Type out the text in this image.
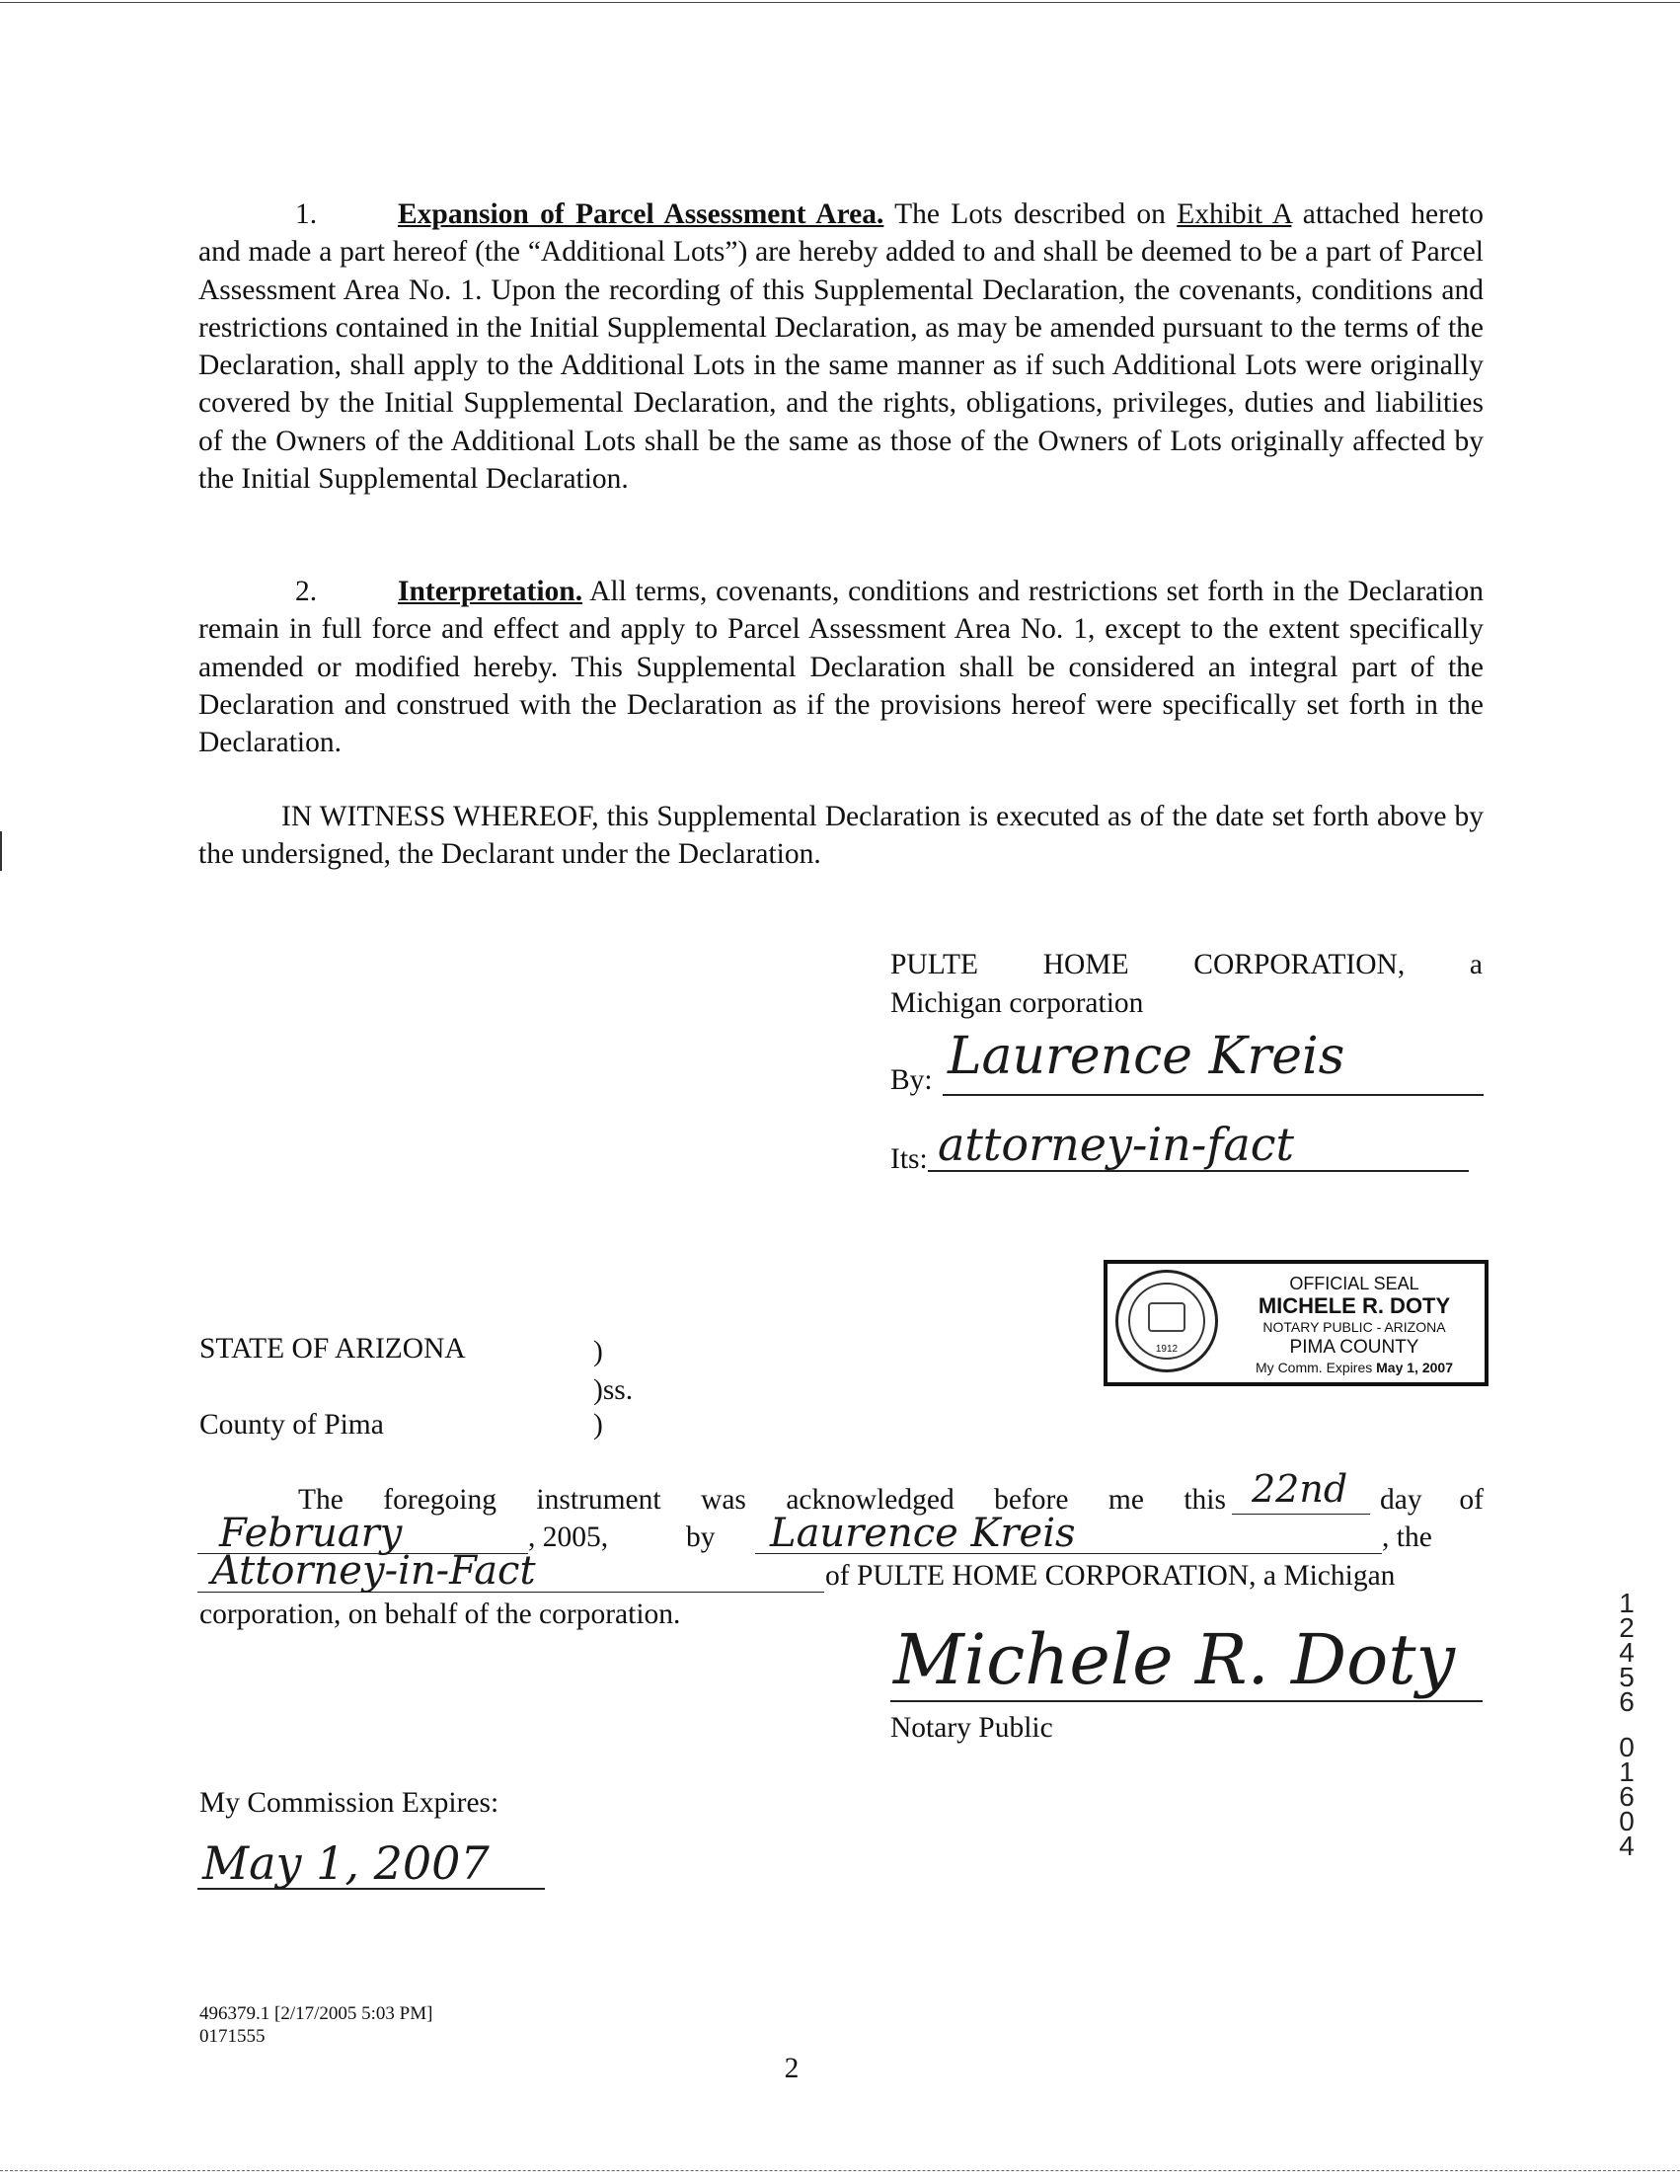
1.	Expansion of Parcel Assessment Area. The Lots described on Exhibit A attached hereto and made a part hereof (the “Additional Lots”) are hereby added to and shall be deemed to be a part of Parcel Assessment Area No. 1. Upon the recording of this Supplemental Declaration, the covenants, conditions and restrictions contained in the Initial Supplemental Declaration, as may be amended pursuant to the terms of the Declaration, shall apply to the Additional Lots in the same manner as if such Additional Lots were originally covered by the Initial Supplemental Declaration, and the rights, obligations, privileges, duties and liabilities of the Owners of the Additional Lots shall be the same as those of the Owners of Lots originally affected by the Initial Supplemental Declaration.
2.	Interpretation. All terms, covenants, conditions and restrictions set forth in the Declaration remain in full force and effect and apply to Parcel Assessment Area No. 1, except to the extent specifically amended or modified hereby. This Supplemental Declaration shall be considered an integral part of the Declaration and construed with the Declaration as if the provisions hereof were specifically set forth in the Declaration.
IN WITNESS WHEREOF, this Supplemental Declaration is executed as of the date set forth above by the undersigned, the Declarant under the Declaration.
PULTE HOME CORPORATION, a
Michigan corporation
By: Laurence Kreis
Its: attorney-in-fact
1912
OFFICIAL SEAL
MICHELE R. DOTY
NOTARY PUBLIC - ARIZONA
PIMA COUNTY
My Comm. Expires May 1, 2007
STATE OF ARIZONA	)
)ss.
County of Pima	)
The foregoing instrument was acknowledged before me this 22nd day of
February	, 2005,	by Laurence Kreis	, the
Attorney-in-Fact	of PULTE HOME CORPORATION, a Michigan
corporation, on behalf of the corporation.
Michele R. Doty
Notary Public
My Commission Expires:
May 1, 2007
496379.1 [2/17/2005 5:03 PM]
0171555
2
1
2
4
5
6
0
1
6
0
4
